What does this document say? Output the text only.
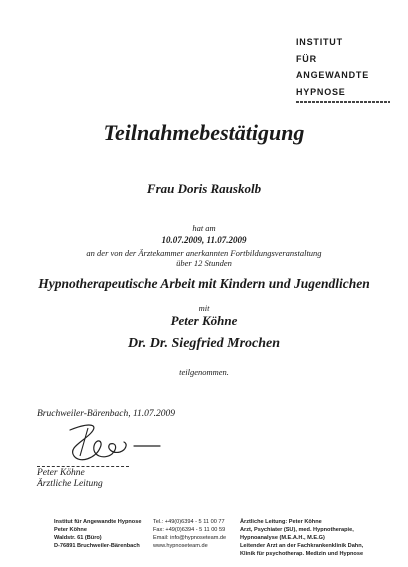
INSTITUT
FÜR
ANGEWANDTE
HYPNOSE
Teilnahmebestätigung
Frau Doris Rauskolb
hat am
10.07.2009, 11.07.2009
an der von der Ärztekammer anerkannten Fortbildungsveranstaltung
über 12 Stunden
Hypnotherapeutische Arbeit mit Kindern und Jugendlichen
mit
Peter Köhne
Dr. Dr. Siegfried Mrochen
teilgenommen.
Bruchweiler-Bärenbach, 11.07.2009
Peter Köhne
Ärztliche Leitung
Institut für Angewandte Hypnose
Peter Köhne
Waldstr. 61 (Büro)
D-76891 Bruchweiler-Bärenbach
Tel.: +49(0)6394 - 5 11 00 77
Fax: +49(0)6394 - 5 11 00 59
Email: info@hypnoseteam.de
www.hypnoseteam.de
Ärztliche Leitung: Peter Köhne
Arzt, Psychiater (SU), med. Hypnotherapie,
Hypnoanalyse (M.E.A.H., M.E.G)
Leitender Arzt an der Fachkrankenklinik Dahn,
Klinik für psychotherap. Medizin und Hypnose
